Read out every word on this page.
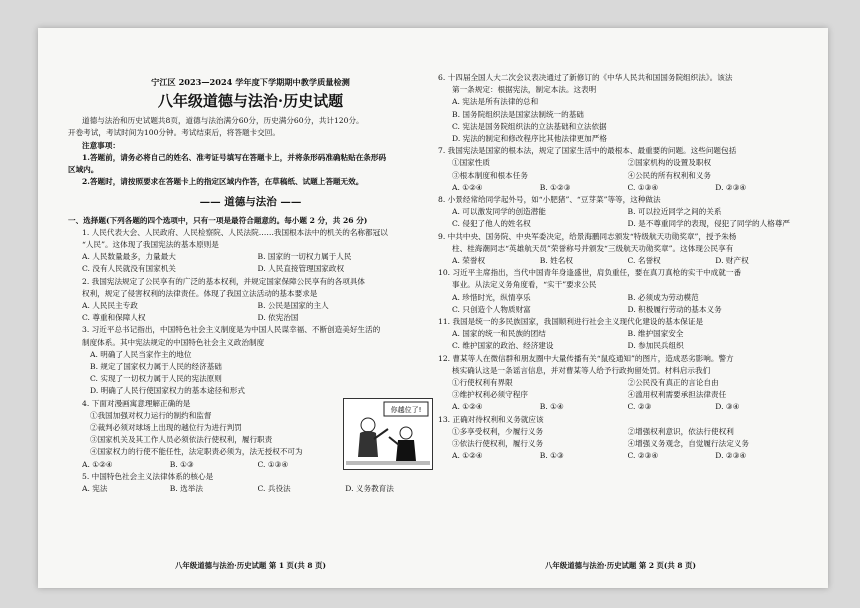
宁江区 2023—2024 学年度下学期期中教学质量检测
八年级道德与法治·历史试题

道德与法治和历史试题共8页，道德与法治满分60分，历史满分60分，共计120分。

开卷考试，考试时间为100分钟。考试结束后，将答题卡交回。

注意事项：

1.答题前，请务必将自己的姓名、准考证号填写在答题卡上，并将条形码准确粘贴在条形码

区域内。

2.答题时，请按照要求在答题卡上的指定区域内作答，在草稿纸、试题上答题无效。

—— 道德与法治 ——

一、选择题(下列各题的四个选项中，只有一项是最符合题意的。每小题 2 分，共 26 分)

1. 人民代表大会、人民政府、人民检察院、人民法院……我国根本法中的机关的名称都冠以

“人民”。这体现了我国宪法的基本原则是

A. 人民数量最多，力量最大	B. 国家的一切权力属于人民
C. 没有人民就没有国家机关	D. 人民直接管理国家政权

2. 我国宪法规定了公民享有的广泛的基本权利，并规定国家保障公民享有的各项具体

权利，规定了侵害权利的法律责任。体现了我国立法活动的基本要求是

A. 人民民主专政	B. 公民是国家的主人
C. 尊重和保障人权	D. 依宪治国

3. 习近平总书记指出，中国特色社会主义制度是为中国人民谋幸福、不断创造美好生活的

制度体系。其中宪法规定的中国特色社会主义政治制度

A. 明确了人民当家作主的地位

B. 规定了国家权力属于人民的经济基础

C. 实现了一切权力属于人民的宪法原则

D. 明确了人民行使国家权力的基本途径和形式

你越位了!

4. 下面对漫画寓意理解正确的是

①我国加强对权力运行的制约和监督

②裁判必须对球场上出现的越位行为进行判罚

③国家机关及其工作人员必须依法行使权利，履行职责

④国家权力的行使不能任性，法定职责必须为，法无授权不可为

A. ①②④	B. ①③	C. ①③④

5. 中国特色社会主义法律体系的核心是

A. 宪法	B. 选举法	C. 兵役法	D. 义务教育法
八年级道德与法治·历史试题 第 1 页(共 8 页)

6. 十四届全国人大二次会议表决通过了新修订的《中华人民共和国国务院组织法》。该法

第一条规定：根据宪法，制定本法。这表明

A. 宪法是所有法律的总和

B. 国务院组织法是国家法制统一的基础

C. 宪法是国务院组织法的立法基础和立法依据

D. 宪法的制定和修改程序比其他法律更加严格

7. 我国宪法是国家的根本法，规定了国家生活中的最根本、最重要的问题。这些问题包括

①国家性质	②国家机构的设置及职权
③根本制度和根本任务	④公民的所有权利和义务
A. ①②④	B. ①②③	C. ①③④	D. ②③④

8. 小景经常给同学起外号，如“小肥猪”、“豆芽菜”等等，这种做法

A. 可以激发同学的创造潜能	B. 可以拉近同学之间的关系
C. 侵犯了他人的姓名权	D. 是不尊重同学的表现，侵犯了同学的人格尊严

9. 中共中央、国务院、中央军委决定，给景海鹏同志颁发“特级航天功勋奖章”，授予朱杨

柱、桂海潮同志“英雄航天员”荣誉称号并颁发“三级航天功勋奖章”。这体现公民享有

A. 荣誉权	B. 姓名权	C. 名誉权	D. 财产权

10. 习近平主席指出，当代中国青年身逢盛世，肩负重任，要在真刀真枪的实干中成就一番

事业。从法定义务角度看，“实干”要求公民

A. 珍惜时光，纵情享乐	B. 必须成为劳动模范
C. 只创造个人物质财富	D. 积极履行劳动的基本义务

11. 我国是统一的多民族国家，我国顺利进行社会主义现代化建设的基本保证是

A. 国家的统一和民族的团结	B. 维护国家安全
C. 维护国家的政治、经济建设	D. 参加民兵组织

12. 曹某等人在微信群和朋友圈中大量传播有关“鼠疫通知”的图片，造成恶劣影响。警方

核实确认这是一条谣言信息，并对曹某等人给予行政拘留处罚。材料启示我们

①行使权利有界限	②公民没有真正的言论自由
③维护权利必须守程序	④滥用权利需要承担法律责任
A. ①②④	B. ①④	C. ②③	D. ③④

13. 正确对待权利和义务就应该

①多享受权利，少履行义务	②增强权利意识，依法行使权利
③依法行使权利，履行义务	④增强义务观念，自觉履行法定义务
A. ①②④	B. ①③	C. ②③④	D. ②③④
八年级道德与法治·历史试题 第 2 页(共 8 页)
